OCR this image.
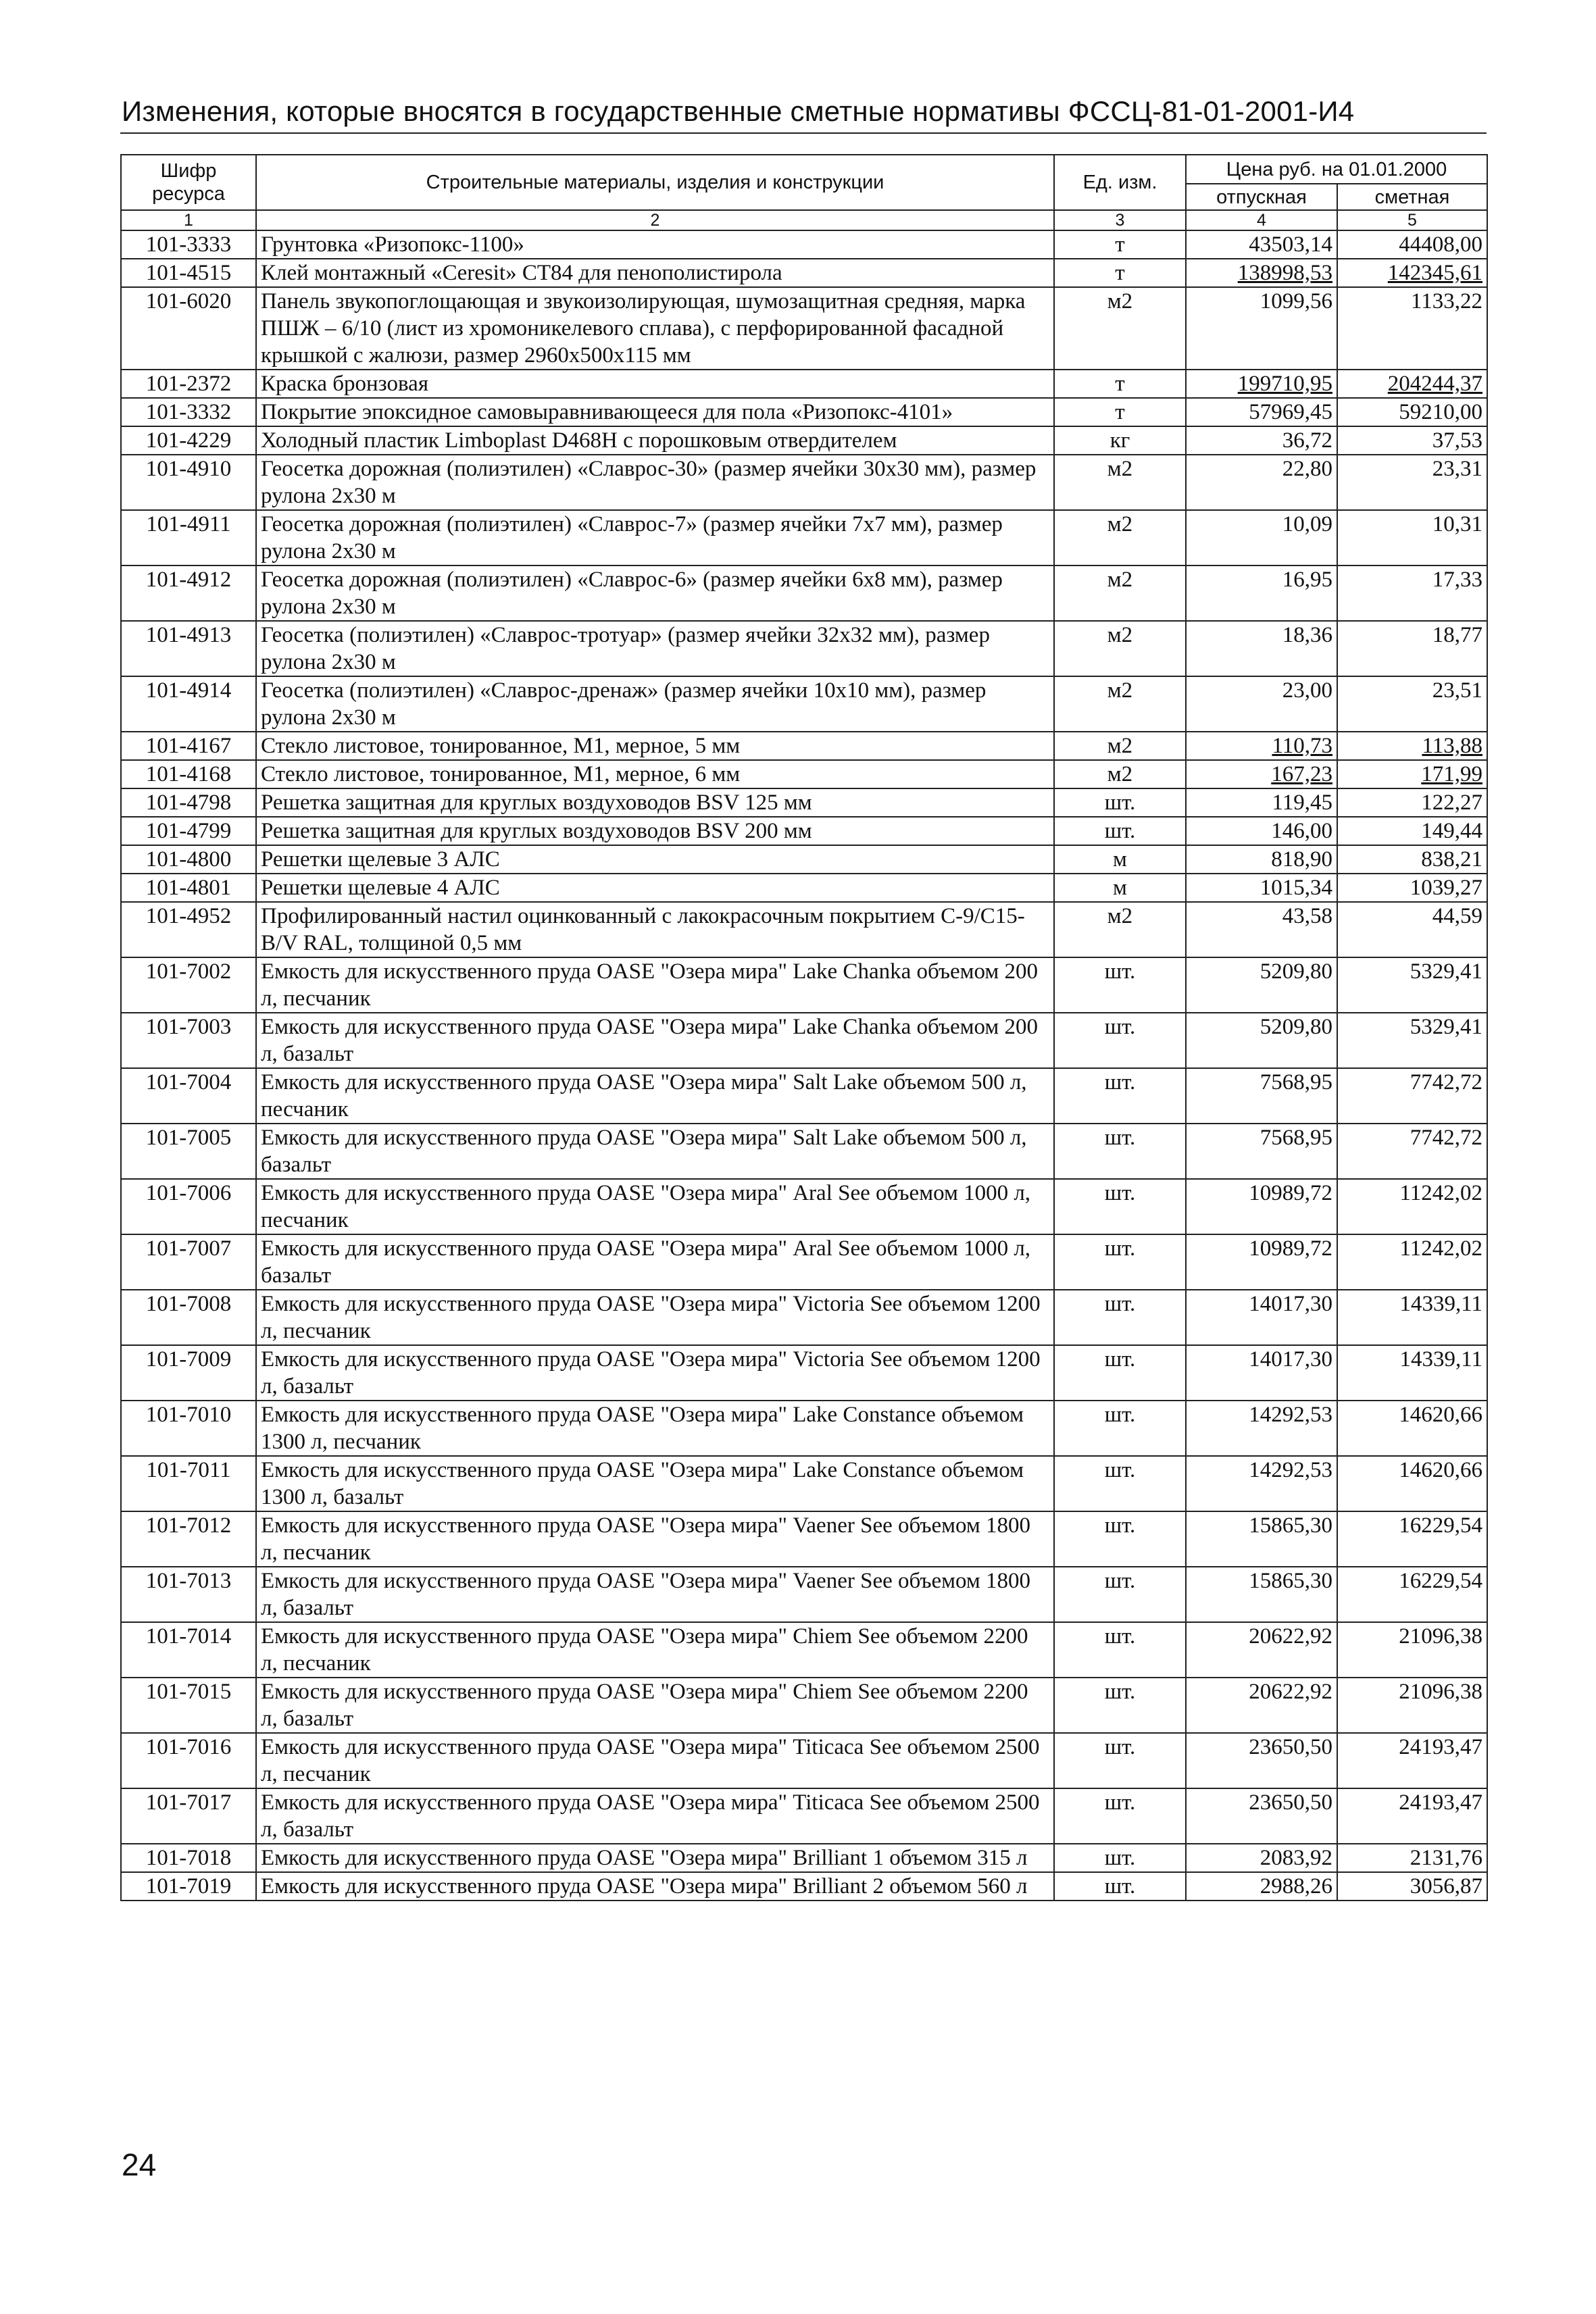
Изменения, которые вносятся в государственные сметные нормативы ФССЦ-81-01-2001-И4
Шифр ресурса	Строительные материалы, изделия и конструкции	Ед. изм.	Цена руб. на 01.01.2000	
			отпускная	сметная
1	2	3	4	5
101-3333	Грунтовка «Ризопокс-1100»	т	43503,14	44408,00
101-4515	Клей монтажный «Ceresit» CT84 для пенополистирола	т	138998,53	142345,61
101-6020	Панель звукопоглощающая и звукоизолирующая, шумозащитная средняя, марка ПШЖ – 6/10 (лист из хромоникелевого сплава), с перфорированной фасадной крышкой с жалюзи, размер 2960х500х115 мм	м2	1099,56	1133,22
101-2372	Краска бронзовая	т	199710,95	204244,37
101-3332	Покрытие эпоксидное самовыравнивающееся для пола «Ризопокс-4101»	т	57969,45	59210,00
101-4229	Холодный пластик Limboplast D468H с порошковым отвердителем	кг	36,72	37,53
101-4910	Геосетка дорожная (полиэтилен) «Славрос-30» (размер ячейки 30х30 мм), размер рулона 2х30 м	м2	22,80	23,31
101-4911	Геосетка дорожная (полиэтилен) «Славрос-7» (размер ячейки 7х7 мм), размер рулона 2х30 м	м2	10,09	10,31
101-4912	Геосетка дорожная (полиэтилен) «Славрос-6» (размер ячейки 6х8 мм), размер рулона 2х30 м	м2	16,95	17,33
101-4913	Геосетка (полиэтилен) «Славрос-тротуар» (размер ячейки 32х32 мм), размер рулона 2х30 м	м2	18,36	18,77
101-4914	Геосетка (полиэтилен) «Славрос-дренаж» (размер ячейки 10х10 мм), размер рулона 2х30 м	м2	23,00	23,51
101-4167	Стекло листовое, тонированное, M1, мерное, 5 мм	м2	110,73	113,88
101-4168	Стекло листовое, тонированное, M1, мерное, 6 мм	м2	167,23	171,99
101-4798	Решетка защитная для круглых воздуховодов BSV 125 мм	шт.	119,45	122,27
101-4799	Решетка защитная для круглых воздуховодов BSV 200 мм	шт.	146,00	149,44
101-4800	Решетки щелевые 3 АЛС	м	818,90	838,21
101-4801	Решетки щелевые 4 АЛС	м	1015,34	1039,27
101-4952	Профилированный настил оцинкованный с лакокрасочным покрытием С-9/С15-В/V RAL, толщиной 0,5 мм	м2	43,58	44,59
101-7002	Емкость для искусственного пруда OASE "Озера мира" Lake Chanka объемом 200 л, песчаник	шт.	5209,80	5329,41
101-7003	Емкость для искусственного пруда OASE "Озера мира" Lake Chanka объемом 200 л, базальт	шт.	5209,80	5329,41
101-7004	Емкость для искусственного пруда OASE "Озера мира" Salt Lake объемом 500 л, песчаник	шт.	7568,95	7742,72
101-7005	Емкость для искусственного пруда OASE "Озера мира" Salt Lake объемом 500 л, базальт	шт.	7568,95	7742,72
101-7006	Емкость для искусственного пруда OASE "Озера мира" Aral See объемом 1000 л, песчаник	шт.	10989,72	11242,02
101-7007	Емкость для искусственного пруда OASE "Озера мира" Aral See объемом 1000 л, базальт	шт.	10989,72	11242,02
101-7008	Емкость для искусственного пруда OASE "Озера мира" Victoria See объемом 1200 л, песчаник	шт.	14017,30	14339,11
101-7009	Емкость для искусственного пруда OASE "Озера мира" Victoria See объемом 1200 л, базальт	шт.	14017,30	14339,11
101-7010	Емкость для искусственного пруда OASE "Озера мира" Lake Constance объемом 1300 л, песчаник	шт.	14292,53	14620,66
101-7011	Емкость для искусственного пруда OASE "Озера мира" Lake Constance объемом 1300 л, базальт	шт.	14292,53	14620,66
101-7012	Емкость для искусственного пруда OASE "Озера мира" Vaener See объемом 1800 л, песчаник	шт.	15865,30	16229,54
101-7013	Емкость для искусственного пруда OASE "Озера мира" Vaener See объемом 1800 л, базальт	шт.	15865,30	16229,54
101-7014	Емкость для искусственного пруда OASE "Озера мира" Chiem See объемом 2200 л, песчаник	шт.	20622,92	21096,38
101-7015	Емкость для искусственного пруда OASE "Озера мира" Chiem See объемом 2200 л, базальт	шт.	20622,92	21096,38
101-7016	Емкость для искусственного пруда OASE "Озера мира" Titicaca See объемом 2500 л, песчаник	шт.	23650,50	24193,47
101-7017	Емкость для искусственного пруда OASE "Озера мира" Titicaca See объемом 2500 л, базальт	шт.	23650,50	24193,47
101-7018	Емкость для искусственного пруда OASE "Озера мира" Brilliant 1 объемом 315 л	шт.	2083,92	2131,76
101-7019	Емкость для искусственного пруда OASE "Озера мира" Brilliant 2 объемом 560 л	шт.	2988,26	3056,87
24
